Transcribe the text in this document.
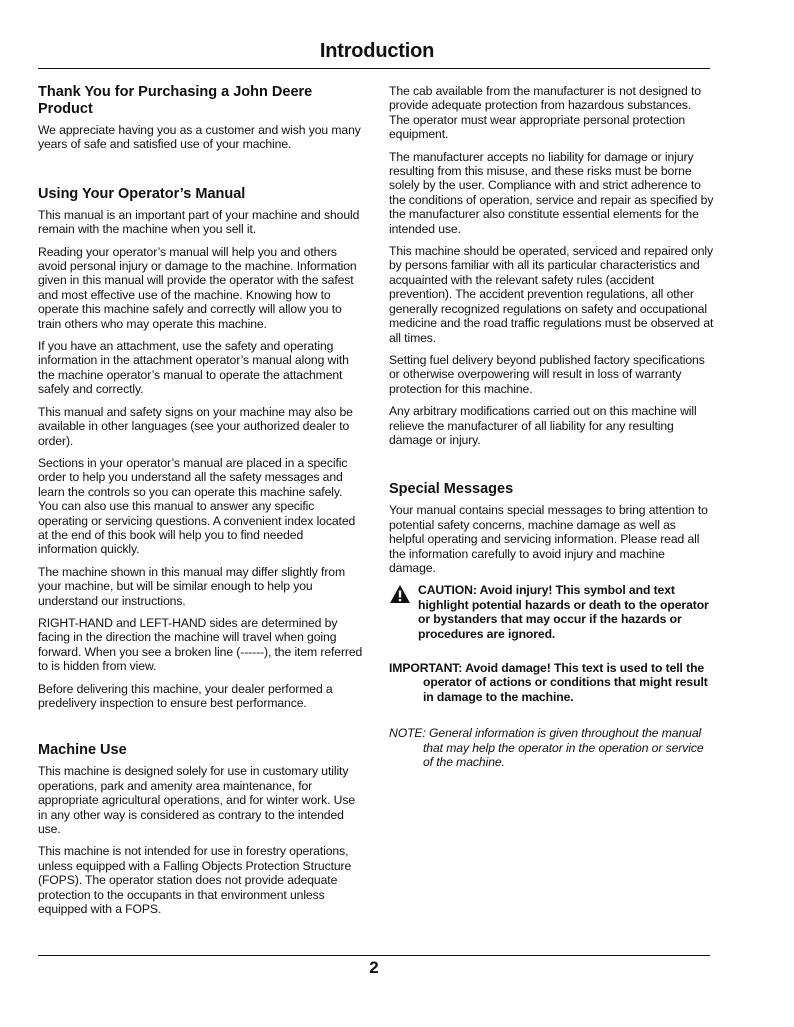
Introduction
Thank You for Purchasing a John Deere Product

We appreciate having you as a customer and wish you many years of safe and satisfied use of your machine.

Using Your Operator’s Manual

This manual is an important part of your machine and should remain with the machine when you sell it.

Reading your operator’s manual will help you and others avoid personal injury or damage to the machine. Information given in this manual will provide the operator with the safest and most effective use of the machine. Knowing how to operate this machine safely and correctly will allow you to train others who may operate this machine.

If you have an attachment, use the safety and operating information in the attachment operator’s manual along with the machine operator’s manual to operate the attachment safely and correctly.

This manual and safety signs on your machine may also be available in other languages (see your authorized dealer to order).

Sections in your operator’s manual are placed in a specific order to help you understand all the safety messages and learn the controls so you can operate this machine safely. You can also use this manual to answer any specific operating or servicing questions. A convenient index located at the end of this book will help you to find needed information quickly.

The machine shown in this manual may differ slightly from your machine, but will be similar enough to help you understand our instructions.

RIGHT-HAND and LEFT-HAND sides are determined by facing in the direction the machine will travel when going forward. When you see a broken line (------), the item referred to is hidden from view.

Before delivering this machine, your dealer performed a predelivery inspection to ensure best performance.

Machine Use

This machine is designed solely for use in customary utility operations, park and amenity area maintenance, for appropriate agricultural operations, and for winter work. Use in any other way is considered as contrary to the intended use.

This machine is not intended for use in forestry operations, unless equipped with a Falling Objects Protection Structure (FOPS). The operator station does not provide adequate protection to the occupants in that environment unless equipped with a FOPS.

The cab available from the manufacturer is not designed to provide adequate protection from hazardous substances. The operator must wear appropriate personal protection equipment.

The manufacturer accepts no liability for damage or injury resulting from this misuse, and these risks must be borne solely by the user. Compliance with and strict adherence to the conditions of operation, service and repair as specified by the manufacturer also constitute essential elements for the intended use.

This machine should be operated, serviced and repaired only by persons familiar with all its particular characteristics and acquainted with the relevant safety rules (accident prevention). The accident prevention regulations, all other generally recognized regulations on safety and occupational medicine and the road traffic regulations must be observed at all times.

Setting fuel delivery beyond published factory specifications or otherwise overpowering will result in loss of warranty protection for this machine.

Any arbitrary modifications carried out on this machine will relieve the manufacturer of all liability for any resulting damage or injury.

Special Messages

Your manual contains special messages to bring attention to potential safety concerns, machine damage as well as helpful operating and servicing information. Please read all the information carefully to avoid injury and machine damage.

CAUTION: Avoid injury! This symbol and text highlight potential hazards or death to the operator or bystanders that may occur if the hazards or procedures are ignored.

IMPORTANT: Avoid damage! This text is used to tell the operator of actions or conditions that might result in damage to the machine.

NOTE: General information is given throughout the manual that may help the operator in the operation or service of the machine.

2
